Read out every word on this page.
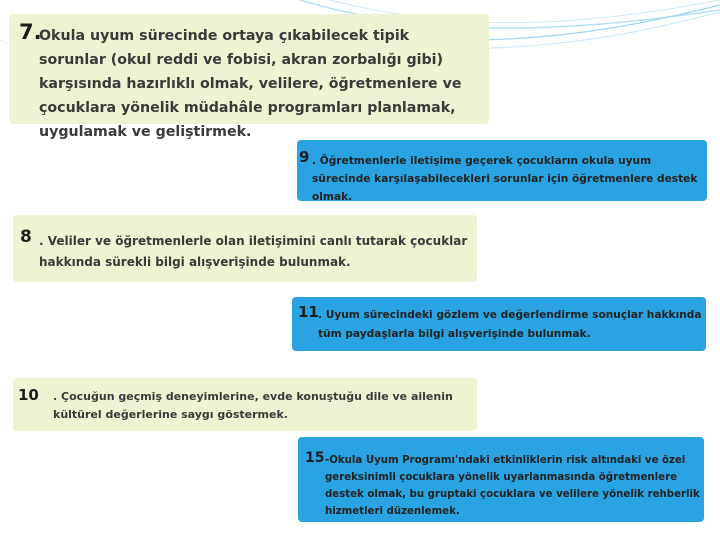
7.
Okula uyum sürecinde ortaya çıkabilecek tipik sorunlar (okul reddi ve fobisi, akran zorbalığı gibi) karşısında hazırlıklı olmak, velilere, öğretmenlere ve çocuklara yönelik müdahâle programları planlamak, uygulamak ve geliştirmek.
9 . Öğretmenlerle iletişime geçerek çocukların okula uyum sürecinde karşılaşabilecekleri sorunlar için öğretmenlere destek olmak.
8 . Veliler ve öğretmenlerle olan iletişimini canlı tutarak çocuklar hakkında sürekli bilgi alışverişinde bulunmak.
11 . Uyum sürecindeki gözlem ve değerlendirme sonuçlar hakkında tüm paydaşlarla bilgi alışverişinde bulunmak.
10 . Çocuğun geçmiş deneyimlerine, evde konuştuğu dile ve ailenin kültürel değerlerine saygı göstermek.
15 -Okula Uyum Programı'ndaki etkinliklerin risk altındaki ve özel gereksinimli çocuklara yönelik uyarlanmasında öğretmenlere destek olmak, bu gruptaki çocuklara ve velilere yönelik rehberlik hizmetleri düzenlemek.
